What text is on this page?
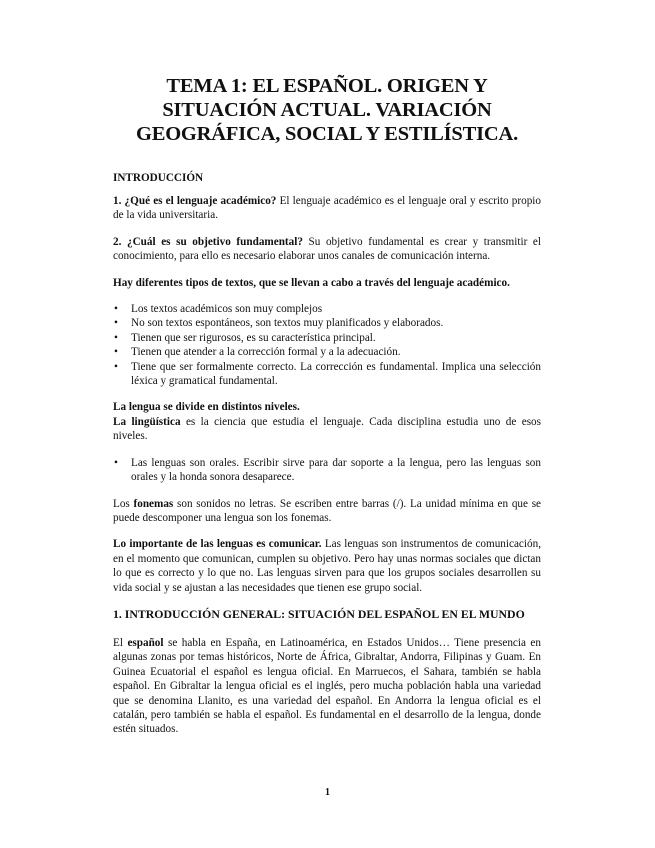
TEMA 1: EL ESPAÑOL. ORIGEN Y
SITUACIÓN ACTUAL. VARIACIÓN
GEOGRÁFICA, SOCIAL Y ESTILÍSTICA.
INTRODUCCIÓN

1. ¿Qué es el lenguaje académico? El lenguaje académico es el lenguaje oral y escrito propio de la vida universitaria.

2. ¿Cuál es su objetivo fundamental? Su objetivo fundamental es crear y transmitir el conocimiento, para ello es necesario elaborar unos canales de comunicación interna.

Hay diferentes tipos de textos, que se llevan a cabo a través del lenguaje académico.

• Los textos académicos son muy complejos
• No son textos espontáneos, son textos muy planificados y elaborados.
• Tienen que ser rigurosos, es su característica principal.
• Tienen que atender a la corrección formal y a la adecuación.
• Tiene que ser formalmente correcto. La corrección es fundamental. Implica una selección léxica y gramatical fundamental.

La lengua se divide en distintos niveles.

La lingüística es la ciencia que estudia el lenguaje. Cada disciplina estudia uno de esos niveles.

• Las lenguas son orales. Escribir sirve para dar soporte a la lengua, pero las lenguas son orales y la honda sonora desaparece.

Los fonemas son sonidos no letras. Se escriben entre barras (/). La unidad mínima en que se puede descomponer una lengua son los fonemas.

Lo importante de las lenguas es comunicar. Las lenguas son instrumentos de comunicación, en el momento que comunican, cumplen su objetivo. Pero hay unas normas sociales que dictan lo que es correcto y lo que no. Las lenguas sirven para que los grupos sociales desarrollen su vida social y se ajustan a las necesidades que tienen ese grupo social.

1. INTRODUCCIÓN GENERAL: SITUACIÓN DEL ESPAÑOL EN EL MUNDO

El español se habla en España, en Latinoamérica, en Estados Unidos… Tiene presencia en algunas zonas por temas históricos, Norte de África, Gibraltar, Andorra, Filipinas y Guam. En Guinea Ecuatorial el español es lengua oficial. En Marruecos, el Sahara, también se habla español. En Gibraltar la lengua oficial es el inglés, pero mucha población habla una variedad que se denomina Llanito, es una variedad del español. En Andorra la lengua oficial es el catalán, pero también se habla el español. Es fundamental en el desarrollo de la lengua, donde estén situados.

1
